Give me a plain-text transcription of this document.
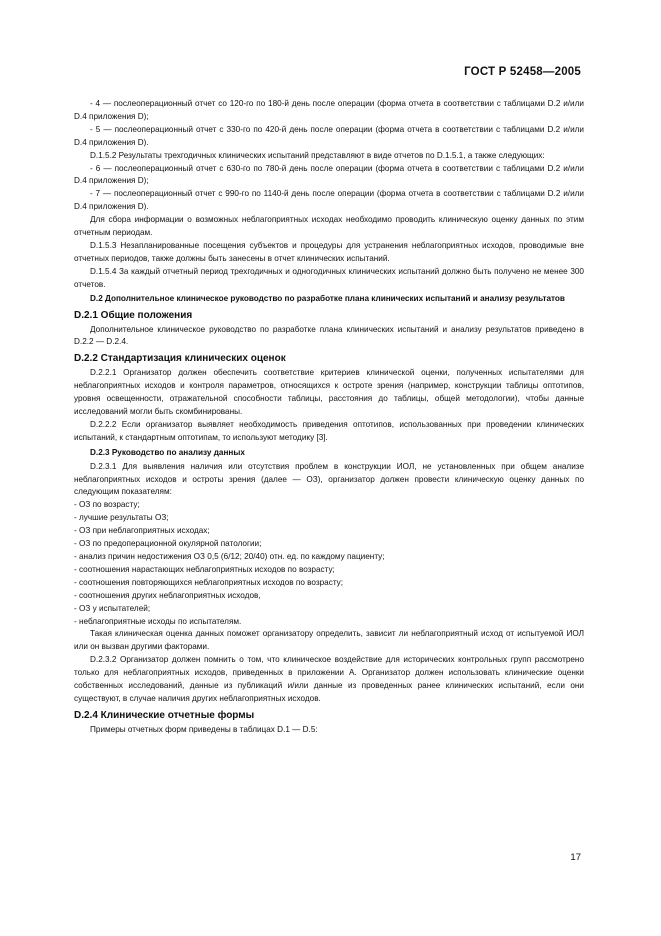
ГОСТ Р 52458—2005

- 4 — послеоперационный отчет со 120-го по 180-й день после операции (форма отчета в соответствии с таблицами D.2 и/или D.4 приложения D);

- 5 — послеоперационный отчет с 330-го по 420-й день после операции (форма отчета в соответствии с таблицами D.2 и/или D.4 приложения D).

D.1.5.2 Результаты трехгодичных клинических испытаний представляют в виде отчетов по D.1.5.1, а также следующих:

- 6 — послеоперационный отчет с 630-го по 780-й день после операции (форма отчета в соответствии с таблицами D.2 и/или D.4 приложения D);

- 7 — послеоперационный отчет с 990-го по 1140-й день после операции (форма отчета в соответствии с таблицами D.2 и/или D.4 приложения D).

Для сбора информации о возможных неблагоприятных исходах необходимо проводить клиническую оценку данных по этим отчетным периодам.

D.1.5.3 Незапланированные посещения субъектов и процедуры для устранения неблагоприятных исходов, проводимые вне отчетных периодов, также должны быть занесены в отчет клинических испытаний.

D.1.5.4 За каждый отчетный период трехгодичных и одногодичных клинических испытаний должно быть получено не менее 300 отчетов.

D.2 Дополнительное клиническое руководство по разработке плана клинических испытаний и анализу результатов

D.2.1 Общие положения

Дополнительное клиническое руководство по разработке плана клинических испытаний и анализу результатов приведено в D.2.2 — D.2.4.

D.2.2 Стандартизация клинических оценок

D.2.2.1 Организатор должен обеспечить соответствие критериев клинической оценки, полученных испытателями для неблагоприятных исходов и контроля параметров, относящихся к остроте зрения (например, конструкции таблицы оптотипов, уровня освещенности, отражательной способности таблицы, расстояния до таблицы, общей методологии), чтобы данные исследований могли быть скомбинированы.

D.2.2.2 Если организатор выявляет необходимость приведения оптотипов, использованных при проведении клинических испытаний, к стандартным оптотипам, то используют методику [3].

D.2.3 Руководство по анализу данных

D.2.3.1 Для выявления наличия или отсутствия проблем в конструкции ИОЛ, не установленных при общем анализе неблагоприятных исходов и остроты зрения (далее — ОЗ), организатор должен провести клиническую оценку данных по следующим показателям:

- ОЗ по возрасту;

- лучшие результаты ОЗ;

- ОЗ при неблагоприятных исходах;

- ОЗ по предоперационной окулярной патологии;

- анализ причин недостижения ОЗ 0,5 (6/12; 20/40) отн. ед. по каждому пациенту;

- соотношения нарастающих неблагоприятных исходов по возрасту;

- соотношения повторяющихся неблагоприятных исходов по возрасту;

- соотношения других неблагоприятных исходов,

- ОЗ у испытателей;

- неблагоприятные исходы по испытателям.

Такая клиническая оценка данных поможет организатору определить, зависит ли неблагоприятный исход от испытуемой ИОЛ или он вызван другими факторами.

D.2.3.2 Организатор должен помнить о том, что клиническое воздействие для исторических контрольных групп рассмотрено только для неблагоприятных исходов, приведенных в приложении А. Организатор должен использовать клинические оценки собственных исследований, данные из публикаций и/или данные из проведенных ранее клинических испытаний, если они существуют, в случае наличия других неблагоприятных исходов.

D.2.4 Клинические отчетные формы

Примеры отчетных форм приведены в таблицах D.1 — D.5:

17
